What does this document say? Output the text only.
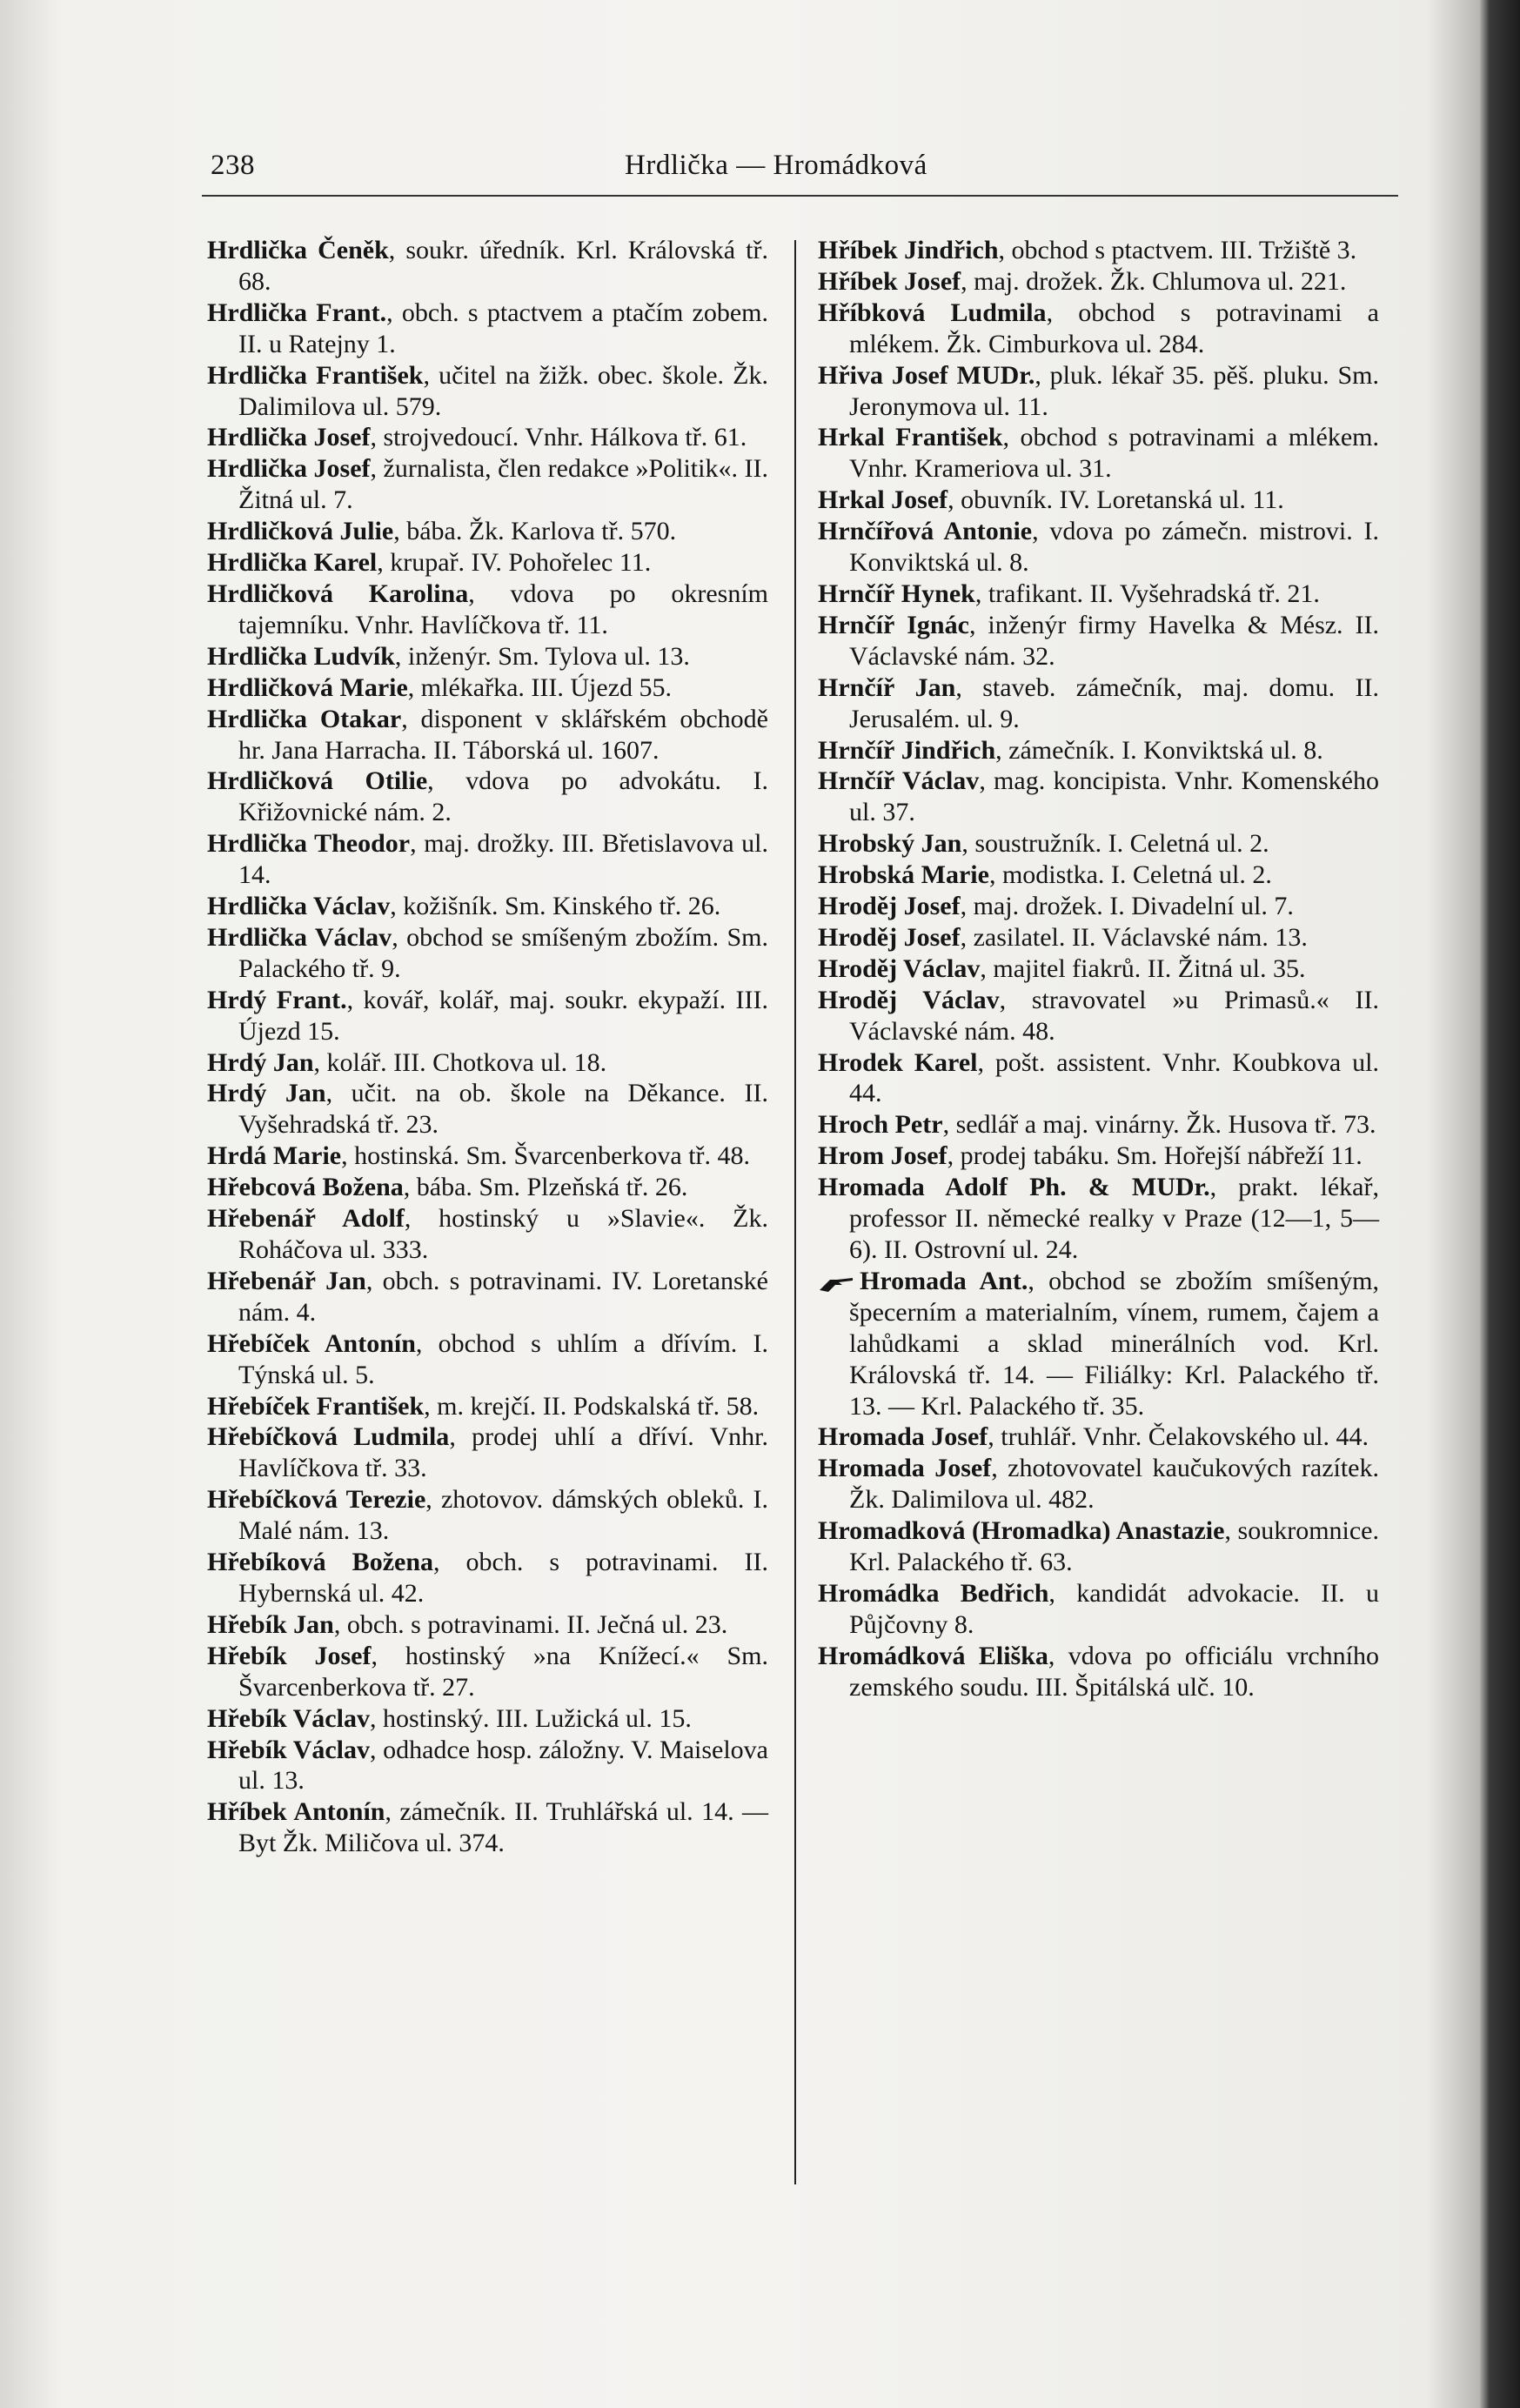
238	Hrdlička — Hromádková

Hrdlička Čeněk, soukr. úředník. Krl. Královská tř. 68.

Hrdlička Frant., obch. s ptactvem a ptačím zobem. II. u Ratejny 1.

Hrdlička František, učitel na žižk. obec. škole. Žk. Dalimilova ul. 579.

Hrdlička Josef, strojvedoucí. Vnhr. Hálkova tř. 61.

Hrdlička Josef, žurnalista, člen redakce »Politik«. II. Žitná ul. 7.

Hrdličková Julie, bába. Žk. Karlova tř. 570.

Hrdlička Karel, krupař. IV. Pohořelec 11.

Hrdličková Karolina, vdova po okresním tajemníku. Vnhr. Havlíčkova tř. 11.

Hrdlička Ludvík, inženýr. Sm. Tylova ul. 13.

Hrdličková Marie, mlékařka. III. Újezd 55.

Hrdlička Otakar, disponent v sklářském obchodě hr. Jana Harracha. II. Táborská ul. 1607.

Hrdličková Otilie, vdova po advokátu. I. Křižovnické nám. 2.

Hrdlička Theodor, maj. drožky. III. Břetislavova ul. 14.

Hrdlička Václav, kožišník. Sm. Kinského tř. 26.

Hrdlička Václav, obchod se smíšeným zbožím. Sm. Palackého tř. 9.

Hrdý Frant., kovář, kolář, maj. soukr. ekypaží. III. Újezd 15.

Hrdý Jan, kolář. III. Chotkova ul. 18.

Hrdý Jan, učit. na ob. škole na Děkance. II. Vyšehradská tř. 23.

Hrdá Marie, hostinská. Sm. Švarcenberkova tř. 48.

Hřebcová Božena, bába. Sm. Plzeňská tř. 26.

Hřebenář Adolf, hostinský u »Slavie«. Žk. Roháčova ul. 333.

Hřebenář Jan, obch. s potravinami. IV. Loretanské nám. 4.

Hřebíček Antonín, obchod s uhlím a dřívím. I. Týnská ul. 5.

Hřebíček František, m. krejčí. II. Podskalská tř. 58.

Hřebíčková Ludmila, prodej uhlí a dříví. Vnhr. Havlíčkova tř. 33.

Hřebíčková Terezie, zhotovov. dámských obleků. I. Malé nám. 13.

Hřebíková Božena, obch. s potravinami. II. Hybernská ul. 42.

Hřebík Jan, obch. s potravinami. II. Ječná ul. 23.

Hřebík Josef, hostinský »na Knížecí.« Sm. Švarcenberkova tř. 27.

Hřebík Václav, hostinský. III. Lužická ul. 15.

Hřebík Václav, odhadce hosp. záložny. V. Maiselova ul. 13.

Hříbek Antonín, zámečník. II. Truhlářská ul. 14. — Byt Žk. Miličova ul. 374.

Hříbek Jindřich, obchod s ptactvem. III. Tržiště 3.

Hříbek Josef, maj. drožek. Žk. Chlumova ul. 221.

Hříbková Ludmila, obchod s potravinami a mlékem. Žk. Cimburkova ul. 284.

Hřiva Josef MUDr., pluk. lékař 35. pěš. pluku. Sm. Jeronymova ul. 11.

Hrkal František, obchod s potravinami a mlékem. Vnhr. Krameriova ul. 31.

Hrkal Josef, obuvník. IV. Loretanská ul. 11.

Hrnčířová Antonie, vdova po zámečn. mistrovi. I. Konviktská ul. 8.

Hrnčíř Hynek, trafikant. II. Vyšehradská tř. 21.

Hrnčíř Ignác, inženýr firmy Havelka & Mész. II. Václavské nám. 32.

Hrnčíř Jan, staveb. zámečník, maj. domu. II. Jerusalém. ul. 9.

Hrnčíř Jindřich, zámečník. I. Konviktská ul. 8.

Hrnčíř Václav, mag. koncipista. Vnhr. Komenského ul. 37.

Hrobský Jan, soustružník. I. Celetná ul. 2.

Hrobská Marie, modistka. I. Celetná ul. 2.

Hroděj Josef, maj. drožek. I. Divadelní ul. 7.

Hroděj Josef, zasilatel. II. Václavské nám. 13.

Hroděj Václav, majitel fiakrů. II. Žitná ul. 35.

Hroděj Václav, stravovatel »u Primasů.« II. Václavské nám. 48.

Hrodek Karel, pošt. assistent. Vnhr. Koubkova ul. 44.

Hroch Petr, sedlář a maj. vinárny. Žk. Husova tř. 73.

Hrom Josef, prodej tabáku. Sm. Hořejší nábřeží 11.

Hromada Adolf Ph. & MUDr., prakt. lékař, professor II. německé realky v Praze (12—1, 5—6). II. Ostrovní ul. 24.

Hromada Ant., obchod se zbožím smíšeným, špecerním a materialním, vínem, rumem, čajem a lahůdkami a sklad minerálních vod. Krl. Královská tř. 14. — Filiálky: Krl. Palackého tř. 13. — Krl. Palackého tř. 35.

Hromada Josef, truhlář. Vnhr. Čelakovského ul. 44.

Hromada Josef, zhotovovatel kaučukových razítek. Žk. Dalimilova ul. 482.

Hromadková (Hromadka) Anastazie, soukromnice. Krl. Palackého tř. 63.

Hromádka Bedřich, kandidát advokacie. II. u Půjčovny 8.

Hromádková Eliška, vdova po officiálu vrchního zemského soudu. III. Špitálská ulč. 10.
